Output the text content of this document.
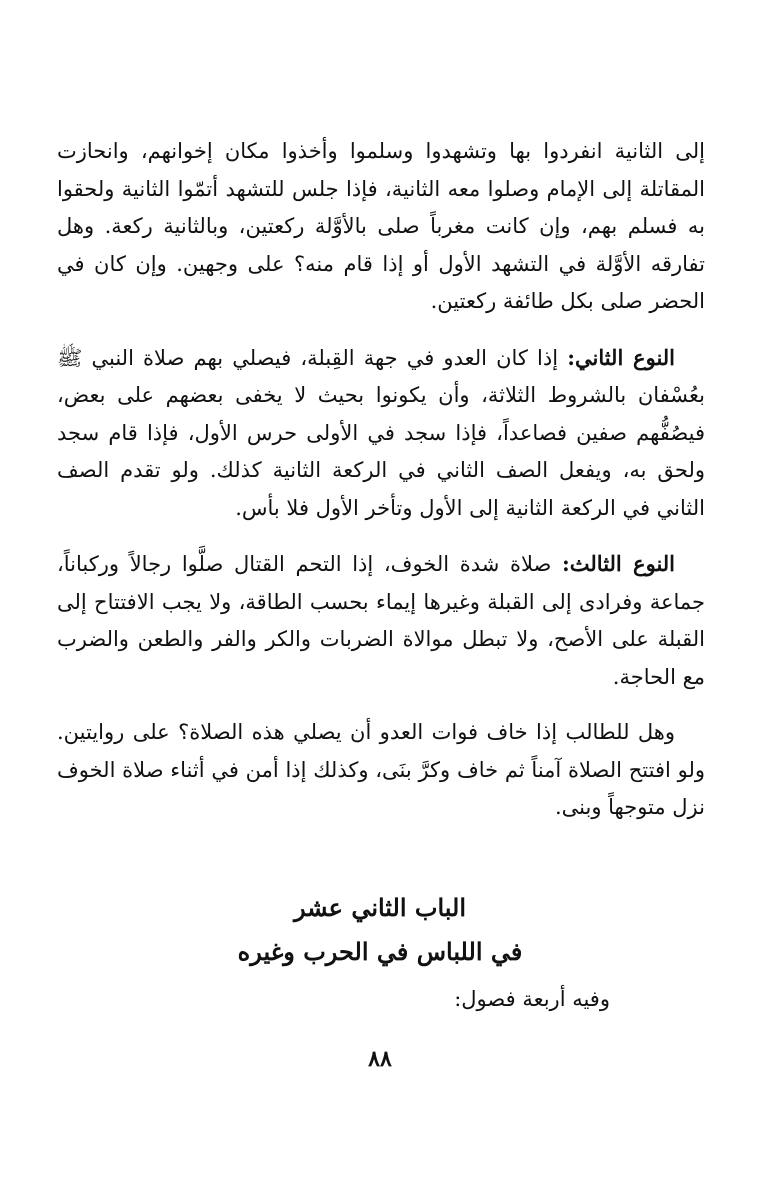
إلى الثانية انفردوا بها وتشهدوا وسلموا وأخذوا مكان إخوانهم، وانحازت المقاتلة إلى الإمام وصلوا معه الثانية، فإذا جلس للتشهد أتمّوا الثانية ولحقوا به فسلم بهم، وإن كانت مغرباً صلى بالأوَّلة ركعتين، وبالثانية ركعة. وهل تفارقه الأوَّلة في التشهد الأول أو إذا قام منه؟ على وجهين. وإن كان في الحضر صلى بكل طائفة ركعتين.

النوع الثاني: إذا كان العدو في جهة القِبلة، فيصلي بهم صلاة النبي ﷺ بعُسْفان بالشروط الثلاثة، وأن يكونوا بحيث لا يخفى بعضهم على بعض، فيصُفُّهم صفين فصاعداً، فإذا سجد في الأولى حرس الأول، فإذا قام سجد ولحق به، ويفعل الصف الثاني في الركعة الثانية كذلك. ولو تقدم الصف الثاني في الركعة الثانية إلى الأول وتأخر الأول فلا بأس.

النوع الثالث: صلاة شدة الخوف، إذا التحم القتال صلَّوا رجالاً وركباناً، جماعة وفرادى إلى القبلة وغيرها إيماء بحسب الطاقة، ولا يجب الافتتاح إلى القبلة على الأصح، ولا تبطل موالاة الضربات والكر والفر والطعن والضرب مع الحاجة.

وهل للطالب إذا خاف فوات العدو أن يصلي هذه الصلاة؟ على روايتين. ولو افتتح الصلاة آمناً ثم خاف وكرَّ بنَى، وكذلك إذا أمن في أثناء صلاة الخوف نزل متوجهاً وبنى.

الباب الثاني عشر
في اللباس في الحرب وغيره
وفيه أربعة فصول:
٨٨
